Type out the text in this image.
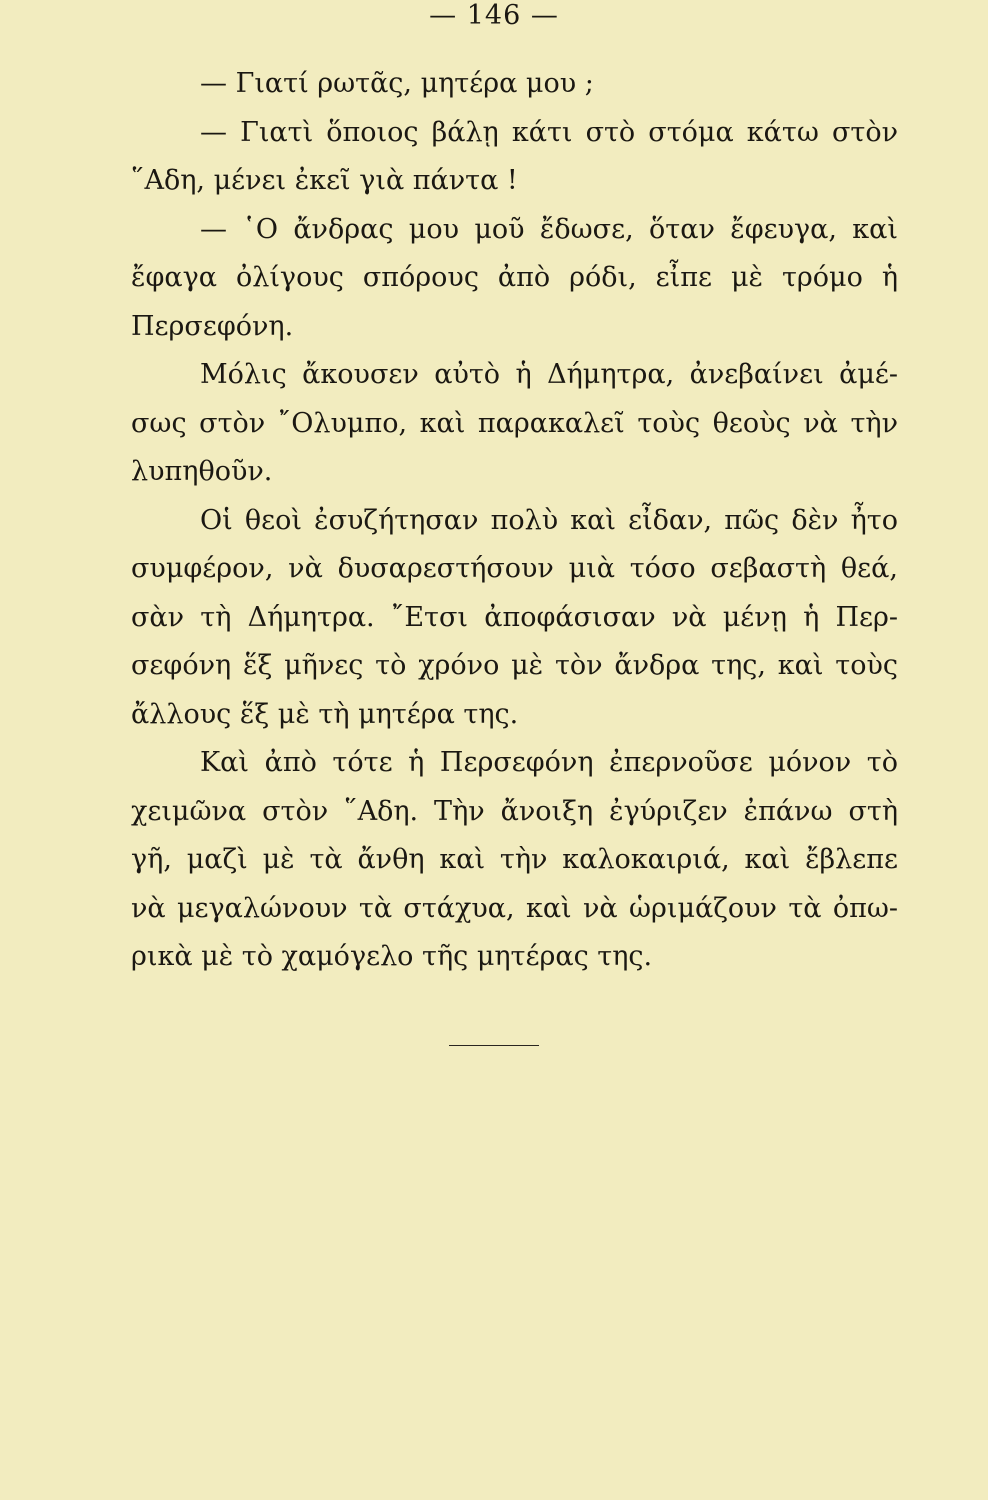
— 146 —
— Γιατί ρωτᾶς, μητέρα μου ;
— Γιατὶ ὅποιος βάλῃ κάτι στὸ στόμα κάτω στὸν
῞Αδη, μένει ἐκεῖ γιὰ πάντα !
— ῾Ο ἄνδρας μου μοῦ ἔδωσε, ὅταν ἔφευγα, καὶ
ἔφαγα ὀλίγους σπόρους ἀπὸ ρόδι, εἶπε μὲ τρόμο ἡ
Περσεφόνη.
Μόλις ἄκουσεν αὐτὸ ἡ Δήμητρα, ἀνεβαίνει ἀμέ-
σως στὸν ῎Ολυμπο, καὶ παρακαλεῖ τοὺς θεοὺς νὰ τὴν
λυπηθοῦν.
Οἱ θεοὶ ἐσυζήτησαν πολὺ καὶ εἶδαν, πῶς δὲν ἦτο
συμφέρον, νὰ δυσαρεστήσουν μιὰ τόσο σεβαστὴ θεά,
σὰν τὴ Δήμητρα. ῎Ετσι ἀποφάσισαν νὰ μένῃ ἡ Περ-
σεφόνη ἕξ μῆνες τὸ χρόνο μὲ τὸν ἄνδρα της, καὶ τοὺς
ἄλλους ἕξ μὲ τὴ μητέρα της.
Καὶ ἀπὸ τότε ἡ Περσεφόνη ἐπερνοῦσε μόνον τὸ
χειμῶνα στὸν ῞Αδη. Τὴν ἄνοιξη ἐγύριζεν ἐπάνω στὴ
γῆ, μαζὶ μὲ τὰ ἄνθη καὶ τὴν καλοκαιριά, καὶ ἔβλεπε
νὰ μεγαλώνουν τὰ στάχυα, καὶ νὰ ὡριμάζουν τὰ ὀπω-
ρικὰ μὲ τὸ χαμόγελο τῆς μητέρας της.
